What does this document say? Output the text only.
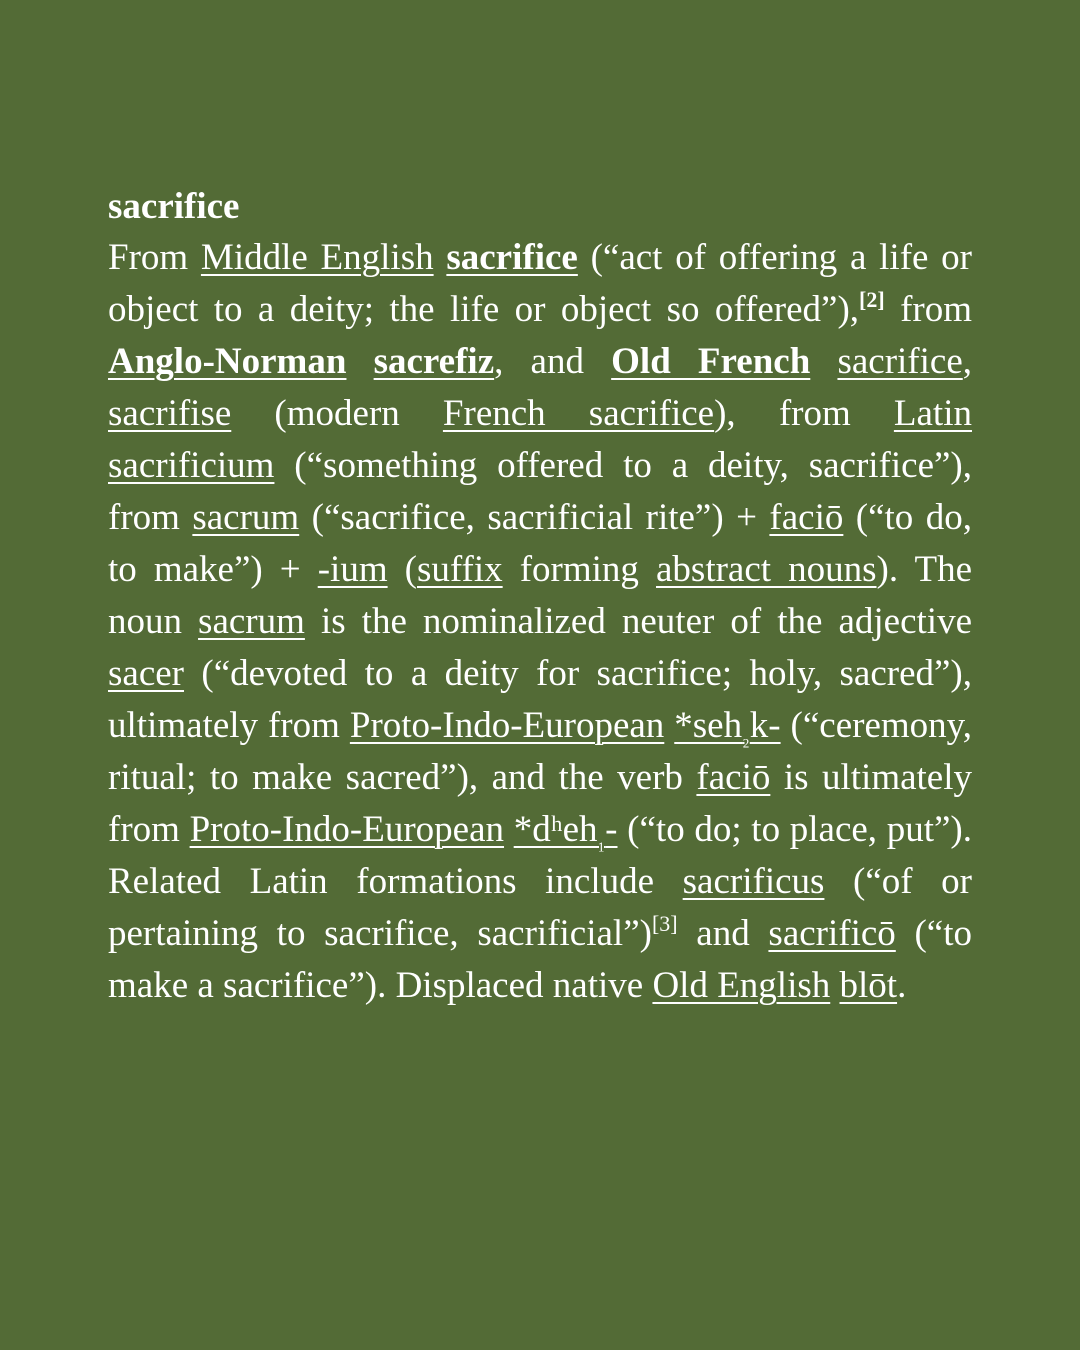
sacrifice

From Middle English sacrifice (“act of offering a life or object to a deity; the life or object so offered”),[2] from Anglo-Norman sacrefiz, and Old French sacrifice, sacrifise (modern French sacrifice), from Latin sacrificium (“something offered to a deity, sacrifice”), from sacrum (“sacrifice, sacrificial rite”) + faciō (“to do, to make”) + -ium (suffix forming abstract nouns). The noun sacrum is the nominalized neuter of the adjective sacer (“devoted to a deity for sacrifice; holy, sacred”), ultimately from Proto-Indo-European *seh$_{_2}$k- (“ceremony, ritual; to make sacred”), and the verb faciō is ultimately from Proto-Indo-European *dʰeh$_{_1}$- (“to do; to place, put”). Related Latin formations include sacrificus (“of or pertaining to sacrifice, sacrificial”)[3] and sacrificō (“to make a sacrifice”). Displaced native Old English blōt.
